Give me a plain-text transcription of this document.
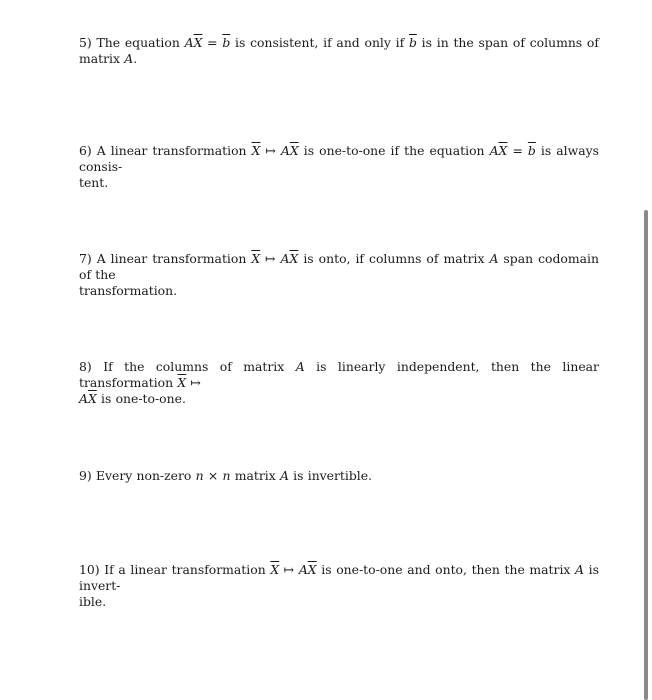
5) The equation $A\overline{X} = \overline{b}$ is consistent, if and only if $\overline{b}$ is in the span of columns of matrix A.
6) A linear transformation $\overline{X}$ ↦ $A\overline{X}$ is one-to-one if the equation $A\overline{X} = \overline{b}$ is always consis-
tent.
7) A linear transformation $\overline{X}$ ↦ $A\overline{X}$ is onto, if columns of matrix A span codomain of the
transformation.
8) If the columns of matrix A is linearly independent, then the linear transformation $\overline{X}$ ↦
$A\overline{X}$ is one-to-one.
9) Every non-zero n × n matrix A is invertible.
10) If a linear transformation $\overline{X}$ ↦ $A\overline{X}$ is one-to-one and onto, then the matrix A is invert-
ible.
